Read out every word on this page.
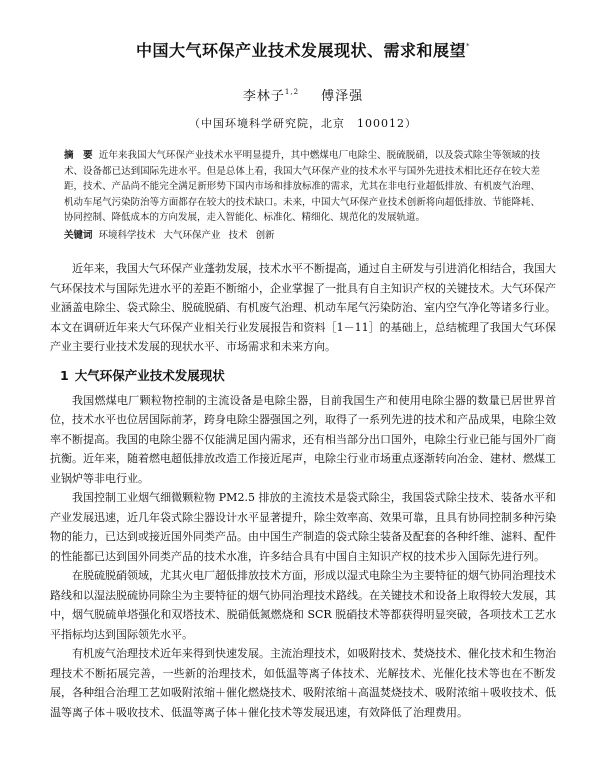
中国大气环保产业技术发展现状、需求和展望*
李林子$^{1,2}$ 傅泽强
（中国环境科学研究院，北京　100012）
摘　要 近年来我国大气环保产业技术水平明显提升，其中燃煤电厂电除尘、脱硫脱硝，以及袋式除尘等领域的技术、设备都已达到国际先进水平。但是总体上看，我国大气环保产业的技术水平与国外先进技术相比还存在较大差距，技术、产品尚不能完全满足新形势下国内市场和排放标准的需求，尤其在非电行业超低排放、有机废气治理、机动车尾气污染防治等方面都存在较大的技术缺口。未来，中国大气环保产业技术创新将向超低排放、节能降耗、协同控制、降低成本的方向发展，走入智能化、标准化、精细化、规范化的发展轨道。
关键词 环境科学技术 大气环保产业 技术 创新

近年来，我国大气环保产业蓬勃发展，技术水平不断提高，通过自主研发与引进消化相结合，我国大气环保技术与国际先进水平的差距不断缩小，企业掌握了一批具有自主知识产权的关键技术。大气环保产业涵盖电除尘、袋式除尘、脱硫脱硝、有机废气治理、机动车尾气污染防治、室内空气净化等诸多行业。本文在调研近年来大气环保产业相关行业发展报告和资料［1－11］的基础上，总结梳理了我国大气环保产业主要行业技术发展的现状水平、市场需求和未来方向。

1 大气环保产业技术发展现状

我国燃煤电厂颗粒物控制的主流设备是电除尘器，目前我国生产和使用电除尘器的数量已居世界首位，技术水平也位居国际前茅，跨身电除尘器强国之列，取得了一系列先进的技术和产品成果，电除尘效率不断提高。我国的电除尘器不仅能满足国内需求，还有相当部分出口国外，电除尘行业已能与国外厂商抗衡。近年来，随着燃电超低排放改造工作接近尾声，电除尘行业市场重点逐渐转向冶金、建材、燃煤工业锅炉等非电行业。

我国控制工业烟气细微颗粒物 PM2.5 排放的主流技术是袋式除尘，我国袋式除尘技术、装备水平和产业发展迅速，近几年袋式除尘器设计水平显著提升，除尘效率高、效果可靠，且具有协同控制多种污染物的能力，已达到或接近国外同类产品。由中国生产制造的袋式除尘装备及配套的各种纤维、滤料、配件的性能都已达到国外同类产品的技术水准，许多结合具有中国自主知识产权的技术步入国际先进行列。

在脱硫脱硝领域，尤其火电厂超低排放技术方面，形成以湿式电除尘为主要特征的烟气协同治理技术路线和以湿法脱硫协同除尘为主要特征的烟气协同治理技术路线。在关键技术和设备上取得较大发展，其中，烟气脱硫单塔强化和双塔技术、脱硝低氮燃烧和 SCR 脱硝技术等都获得明显突破，各项技术工艺水平指标均达到国际领先水平。

有机废气治理技术近年来得到快速发展。主流治理技术，如吸附技术、焚烧技术、催化技术和生物治理技术不断拓展完善，一些新的治理技术，如低温等离子体技术、光解技术、光催化技术等也在不断发展，各种组合治理工艺如吸附浓缩＋催化燃烧技术、吸附浓缩＋高温焚烧技术、吸附浓缩＋吸收技术、低温等离子体＋吸收技术、低温等离子体＋催化技术等发展迅速，有效降低了治理费用。
